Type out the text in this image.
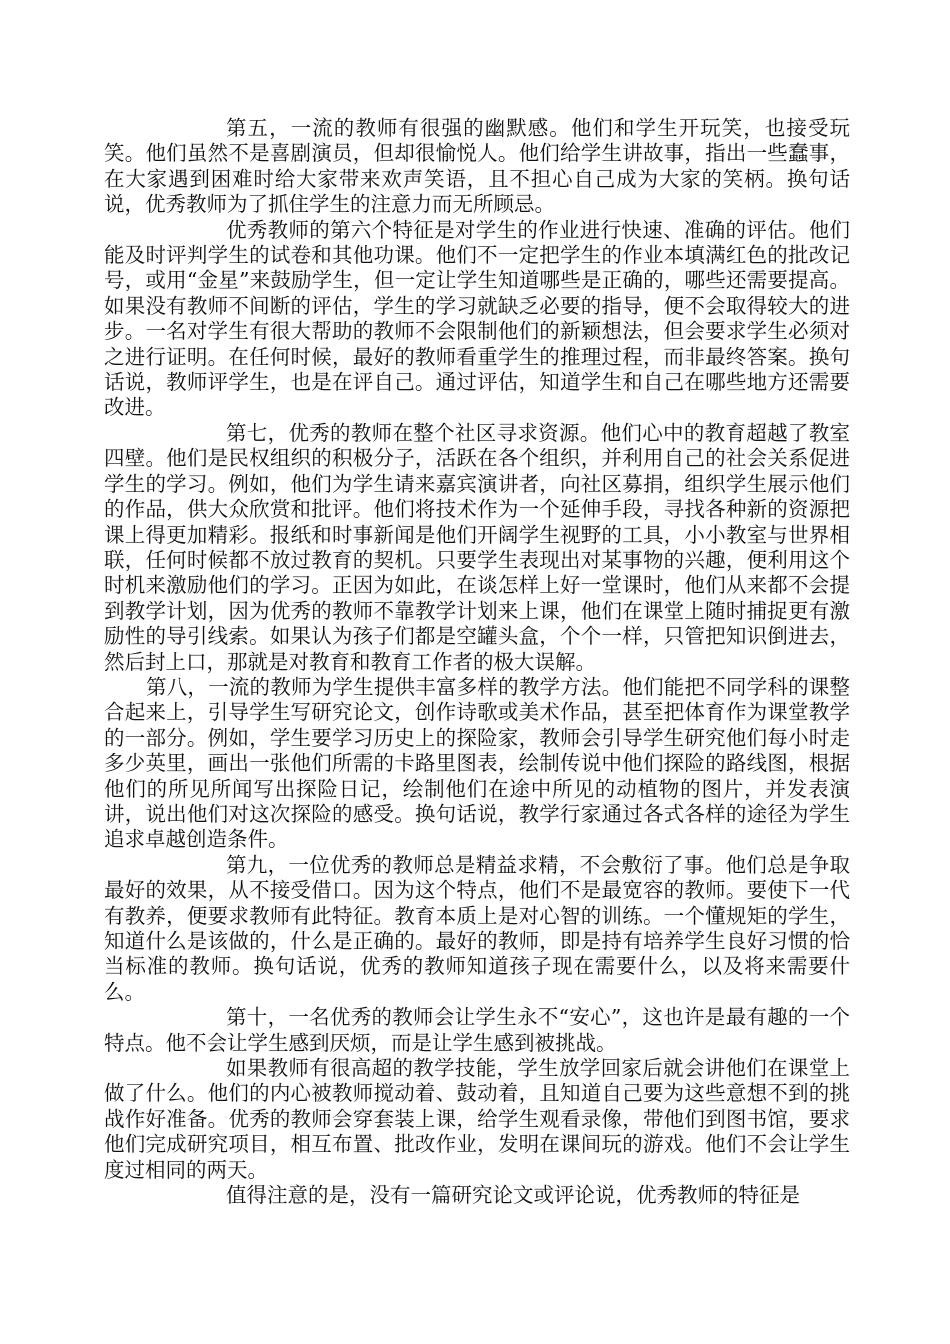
第五，一流的教师有很强的幽默感。他们和学生开玩笑，也接受玩笑。他们虽然不是喜剧演员，但却很愉悦人。他们给学生讲故事，指出一些蠢事，在大家遇到困难时给大家带来欢声笑语，且不担心自己成为大家的笑柄。换句话说，优秀教师为了抓住学生的注意力而无所顾忌。

优秀教师的第六个特征是对学生的作业进行快速、准确的评估。他们能及时评判学生的试卷和其他功课。他们不一定把学生的作业本填满红色的批改记号，或用“金星”来鼓励学生，但一定让学生知道哪些是正确的，哪些还需要提高。如果没有教师不间断的评估，学生的学习就缺乏必要的指导，便不会取得较大的进步。一名对学生有很大帮助的教师不会限制他们的新颖想法，但会要求学生必须对之进行证明。在任何时候，最好的教师看重学生的推理过程，而非最终答案。换句话说，教师评学生，也是在评自己。通过评估，知道学生和自己在哪些地方还需要改进。

第七，优秀的教师在整个社区寻求资源。他们心中的教育超越了教室四壁。他们是民权组织的积极分子，活跃在各个组织，并利用自己的社会关系促进学生的学习。例如，他们为学生请来嘉宾演讲者，向社区募捐，组织学生展示他们的作品，供大众欣赏和批评。他们将技术作为一个延伸手段，寻找各种新的资源把课上得更加精彩。报纸和时事新闻是他们开阔学生视野的工具，小小教室与世界相联，任何时候都不放过教育的契机。只要学生表现出对某事物的兴趣，便利用这个时机来激励他们的学习。正因为如此，在谈怎样上好一堂课时，他们从来都不会提到教学计划，因为优秀的教师不靠教学计划来上课，他们在课堂上随时捕捉更有激励性的导引线索。如果认为孩子们都是空罐头盒，个个一样，只管把知识倒进去，然后封上口，那就是对教育和教育工作者的极大误解。

第八，一流的教师为学生提供丰富多样的教学方法。他们能把不同学科的课整合起来上，引导学生写研究论文，创作诗歌或美术作品，甚至把体育作为课堂教学的一部分。例如，学生要学习历史上的探险家，教师会引导学生研究他们每小时走多少英里，画出一张他们所需的卡路里图表，绘制传说中他们探险的路线图，根据他们的所见所闻写出探险日记，绘制他们在途中所见的动植物的图片，并发表演讲，说出他们对这次探险的感受。换句话说，教学行家通过各式各样的途径为学生追求卓越创造条件。

第九，一位优秀的教师总是精益求精，不会敷衍了事。他们总是争取最好的效果，从不接受借口。因为这个特点，他们不是最宽容的教师。要使下一代有教养，便要求教师有此特征。教育本质上是对心智的训练。一个懂规矩的学生，知道什么是该做的，什么是正确的。最好的教师，即是持有培养学生良好习惯的恰当标准的教师。换句话说，优秀的教师知道孩子现在需要什么，以及将来需要什么。

第十，一名优秀的教师会让学生永不“安心”，这也许是最有趣的一个特点。他不会让学生感到厌烦，而是让学生感到被挑战。

如果教师有很高超的教学技能，学生放学回家后就会讲他们在课堂上做了什么。他们的内心被教师搅动着、鼓动着，且知道自己要为这些意想不到的挑战作好准备。优秀的教师会穿套装上课，给学生观看录像，带他们到图书馆，要求他们完成研究项目，相互布置、批改作业，发明在课间玩的游戏。他们不会让学生度过相同的两天。

值得注意的是，没有一篇研究论文或评论说，优秀教师的特征是
